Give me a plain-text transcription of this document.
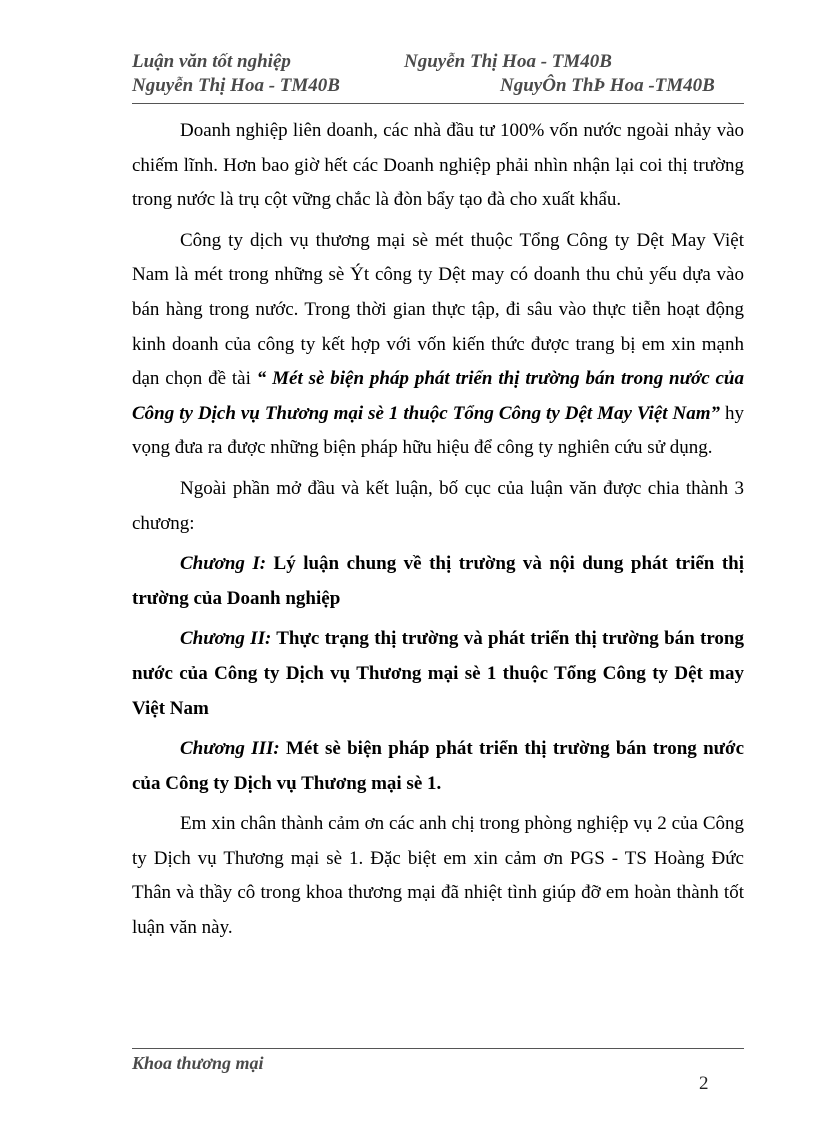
Luận văn tốt nghiệp	Nguyễn Thị Hoa - TM40B
Nguyễn Thị Hoa - TM40B	NguyÔn ThÞ Hoa -TM40B

Doanh nghiệp liên doanh, các nhà đầu tư 100% vốn nước ngoài nhảy vào chiếm lĩnh. Hơn bao giờ hết các Doanh nghiệp phải nhìn nhận lại coi thị trường trong nước là trụ cột vững chắc là đòn bẩy tạo đà cho xuất khẩu.

Công ty dịch vụ thương mại sè mét thuộc Tổng Công ty Dệt May Việt Nam là mét trong những sè Ýt công ty Dệt may có doanh thu chủ yếu dựa vào bán hàng trong nước. Trong thời gian thực tập, đi sâu vào thực tiễn hoạt động kinh doanh của công ty kết hợp với vốn kiến thức được trang bị em xin mạnh dạn chọn đề tài “ Mét sè biện pháp phát triển thị trường bán trong nước của Công ty Dịch vụ Thương mại sè 1 thuộc Tổng Công ty Dệt May Việt Nam” hy vọng đưa ra được những biện pháp hữu hiệu để công ty nghiên cứu sử dụng.

Ngoài phần mở đầu và kết luận, bố cục của luận văn được chia thành 3 chương:

Chương I: Lý luận chung về thị trường và nội dung phát triển thị trường của Doanh nghiệp

Chương II: Thực trạng thị trường và phát triển thị trường bán trong nước của Công ty Dịch vụ Thương mại sè 1 thuộc Tổng Công ty Dệt may Việt Nam

Chương III: Mét sè biện pháp phát triển thị trường bán trong nước của Công ty Dịch vụ Thương mại sè 1.

Em xin chân thành cảm ơn các anh chị trong phòng nghiệp vụ 2 của Công ty Dịch vụ Thương mại sè 1. Đặc biệt em xin cảm ơn PGS - TS Hoàng Đức Thân và thầy cô trong khoa thương mại đã nhiệt tình giúp đỡ em hoàn thành tốt luận văn này.

Khoa thương mại
2
